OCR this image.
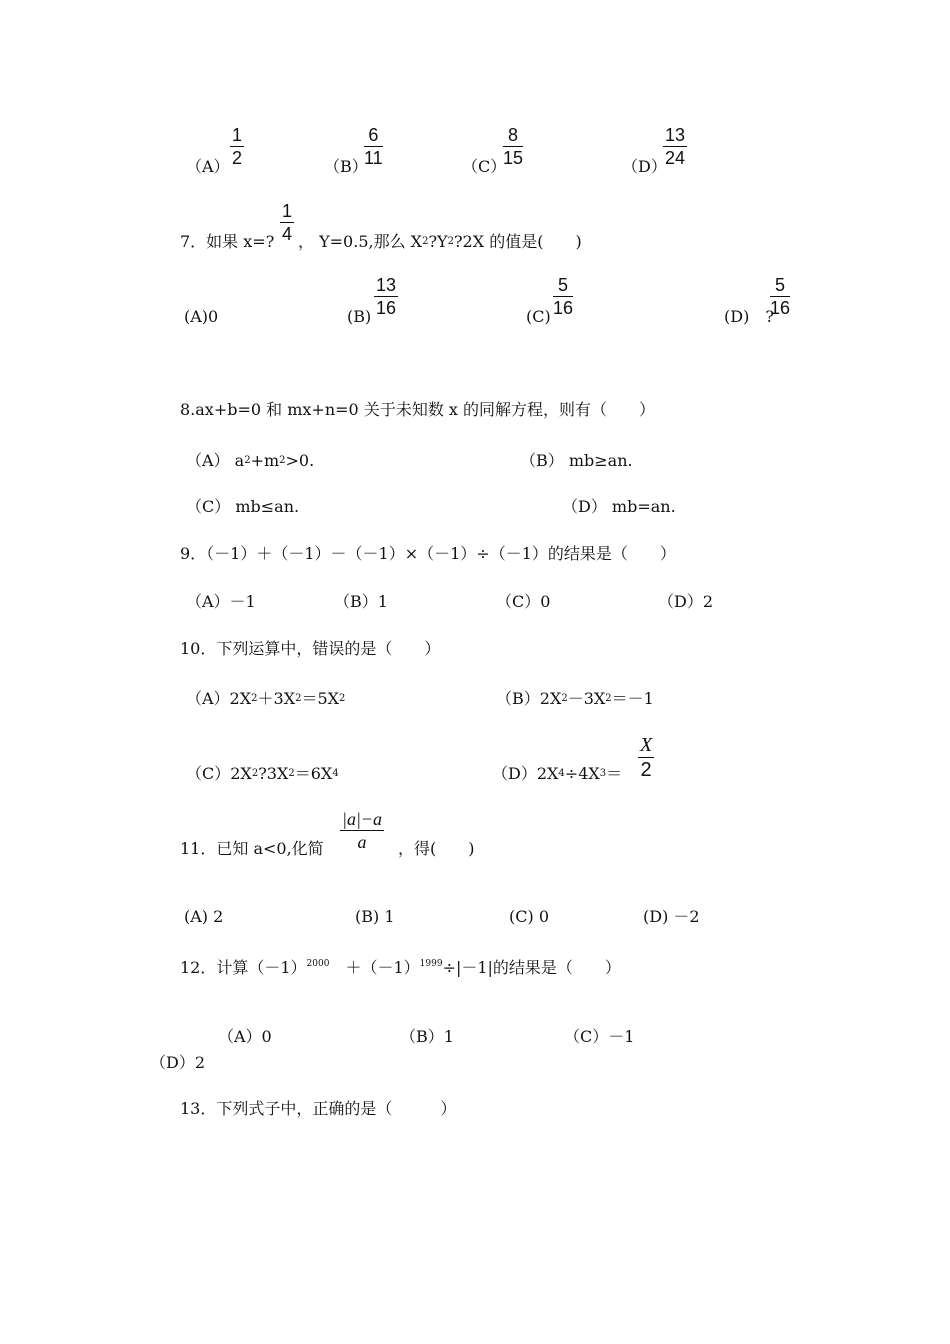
$(A) \frac{1}{2}$	（B）
$\frac{6}{11}$	（C）
$\frac{8}{15}$	（D）
$\frac{13}{24}$
7．如果 x=? $\frac{1}{4}$ ， Y=0.5,那么 $X^2?Y^2?2X$ 的值是(　　)
(A)0	$(B) \frac{13}{16}$	$(C) \frac{5}{16}$	(D)　?
$\frac{5}{16}$
8.ax+b=0 和 mx+n=0 关于未知数 x 的同解方程，则有（　　）
（A） $a^2+m^2>0$.	（B） mb≥an.
（C） mb≤an.	（D） mb=an.
9．（－1）＋（－1）－（－1）×（－1）÷（－1）的结果是（　　）
（A）－1	（B）1	（C）0	（D）2
10．下列运算中，错误的是（　　）
$(A)2X^2+3X^2=5X^2$	$(B)2X^2-3X^2=-1$
$(C)2X^2?3X^2=6X^4$	$(D)2X^4\div 4X^3= \frac{X}{2}$
11．已知 a<0,化简 $\frac{|a|-a}{a}$ ，得(　　)
(A) 2	(B) 1	(C) 0	(D) －2
12．计算$(-1)^{2000}$　 $+(-1)^{1999}\div|-1|$的结果是（　　）
（A）0	（B）1	（C）－1
（D）2
13．下列式子中，正确的是（　　　）
